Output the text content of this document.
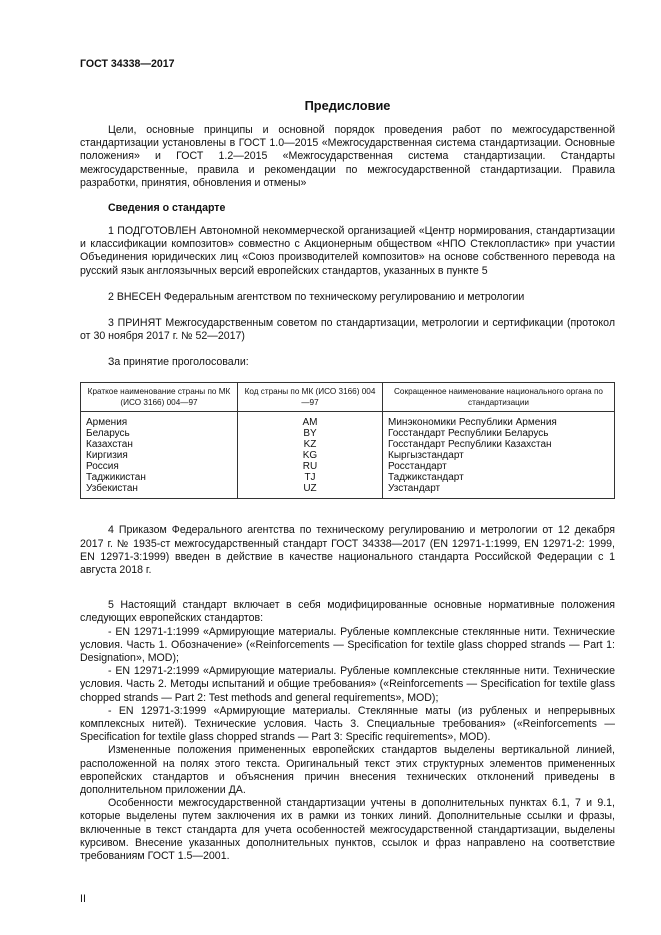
ГОСТ 34338—2017

Предисловие

Цели, основные принципы и основной порядок проведения работ по межгосударственной стандартизации установлены в ГОСТ 1.0—2015 «Межгосударственная система стандартизации. Основные положения» и ГОСТ 1.2—2015 «Межгосударственная система стандартизации. Стандарты межгосударственные, правила и рекомендации по межгосударственной стандартизации. Правила разработки, принятия, обновления и отмены»

Сведения о стандарте

1 ПОДГОТОВЛЕН Автономной некоммерческой организацией «Центр нормирования, стандартизации и классификации композитов» совместно с Акционерным обществом «НПО Стеклопластик» при участии Объединения юридических лиц «Союз производителей композитов» на основе собственного перевода на русский язык англоязычных версий европейских стандартов, указанных в пункте 5

2 ВНЕСЕН Федеральным агентством по техническому регулированию и метрологии

3 ПРИНЯТ Межгосударственным советом по стандартизации, метрологии и сертификации (протокол от 30 ноября 2017 г. № 52—2017)

За принятие проголосовали:

Краткое наименование страны по МК (ИСО 3166) 004—97	Код страны по МК (ИСО 3166) 004—97	Сокращенное наименование национального органа по стандартизации
Армения	AM	Минэкономики Республики Армения
Беларусь	BY	Госстандарт Республики Беларусь
Казахстан	KZ	Госстандарт Республики Казахстан
Киргизия	KG	Кыргызстандарт
Россия	RU	Росстандарт
Таджикистан	TJ	Таджикстандарт
Узбекистан	UZ	Узстандарт

4 Приказом Федерального агентства по техническому регулированию и метрологии от 12 декабря 2017 г. № 1935-ст межгосударственный стандарт ГОСТ 34338—2017 (EN 12971-1:1999, EN 12971-2: 1999, EN 12971-3:1999) введен в действие в качестве национального стандарта Российской Федерации с 1 августа 2018 г.

5 Настоящий стандарт включает в себя модифицированные основные нормативные положения следующих европейских стандартов:

- EN 12971-1:1999 «Армирующие материалы. Рубленые комплексные стеклянные нити. Технические условия. Часть 1. Обозначение» («Reinforcements — Specification for textile glass chopped strands — Part 1: Designation», MOD);

- EN 12971-2:1999 «Армирующие материалы. Рубленые комплексные стеклянные нити. Технические условия. Часть 2. Методы испытаний и общие требования» («Reinforcements — Specification for textile glass chopped strands — Part 2: Test methods and general requirements», MOD);

- EN 12971-3:1999 «Армирующие материалы. Стеклянные маты (из рубленых и непрерывных комплексных нитей). Технические условия. Часть 3. Специальные требования» («Reinforcements — Specification for textile glass chopped strands — Part 3: Specific requirements», MOD).

Измененные положения примененных европейских стандартов выделены вертикальной линией, расположенной на полях этого текста. Оригинальный текст этих структурных элементов примененных европейских стандартов и объяснения причин внесения технических отклонений приведены в дополнительном приложении ДА.

Особенности межгосударственной стандартизации учтены в дополнительных пунктах 6.1, 7 и 9.1, которые выделены путем заключения их в рамки из тонких линий. Дополнительные ссылки и фразы, включенные в текст стандарта для учета особенностей межгосударственной стандартизации, выделены курсивом. Внесение указанных дополнительных пунктов, ссылок и фраз направлено на соответствие требованиям ГОСТ 1.5—2001.

II
